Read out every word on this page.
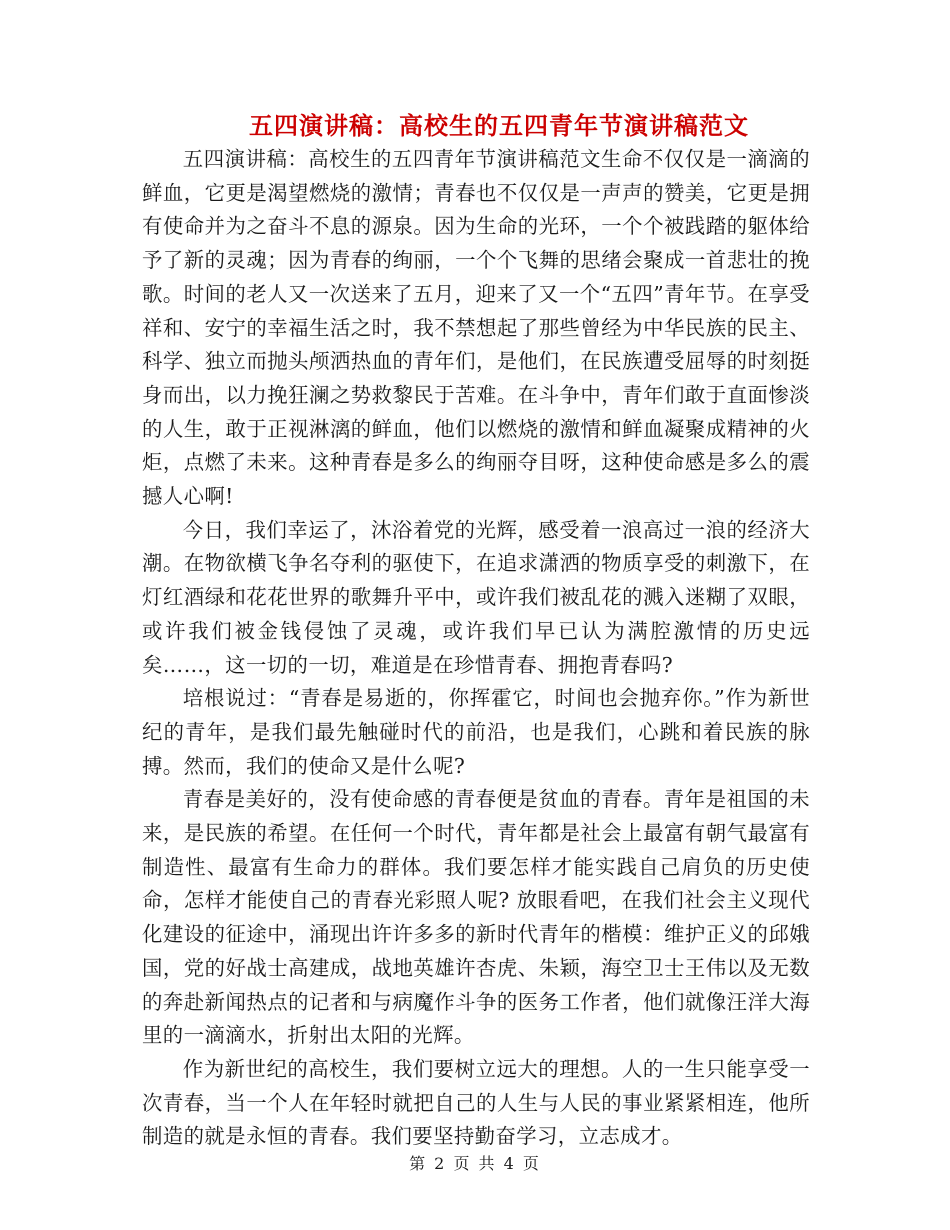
五四演讲稿：高校生的五四青年节演讲稿范文

五四演讲稿：高校生的五四青年节演讲稿范文生命不仅仅是一滴滴的鲜血，它更是渴望燃烧的激情；青春也不仅仅是一声声的赞美，它更是拥有使命并为之奋斗不息的源泉。因为生命的光环，一个个被践踏的躯体给予了新的灵魂；因为青春的绚丽，一个个飞舞的思绪会聚成一首悲壮的挽歌。时间的老人又一次送来了五月，迎来了又一个“五四”青年节。在享受祥和、安宁的幸福生活之时，我不禁想起了那些曾经为中华民族的民主、科学、独立而抛头颅洒热血的青年们，是他们，在民族遭受屈辱的时刻挺身而出，以力挽狂澜之势救黎民于苦难。在斗争中，青年们敢于直面惨淡的人生，敢于正视淋漓的鲜血，他们以燃烧的激情和鲜血凝聚成精神的火炬，点燃了未来。这种青春是多么的绚丽夺目呀，这种使命感是多么的震撼人心啊!

今日，我们幸运了，沐浴着党的光辉，感受着一浪高过一浪的经济大潮。在物欲横飞争名夺利的驱使下，在追求潇洒的物质享受的刺激下，在灯红酒绿和花花世界的歌舞升平中，或许我们被乱花的溅入迷糊了双眼，或许我们被金钱侵蚀了灵魂，或许我们早已认为满腔激情的历史远矣……，这一切的一切，难道是在珍惜青春、拥抱青春吗?

培根说过：“青春是易逝的，你挥霍它，时间也会抛弃你。”作为新世纪的青年，是我们最先触碰时代的前沿，也是我们，心跳和着民族的脉搏。然而，我们的使命又是什么呢?

青春是美好的，没有使命感的青春便是贫血的青春。青年是祖国的未来，是民族的希望。在任何一个时代，青年都是社会上最富有朝气最富有制造性、最富有生命力的群体。我们要怎样才能实践自己肩负的历史使命，怎样才能使自己的青春光彩照人呢? 放眼看吧，在我们社会主义现代化建设的征途中，涌现出许许多多的新时代青年的楷模：维护正义的邱娥国，党的好战士高建成，战地英雄许杏虎、朱颖，海空卫士王伟以及无数的奔赴新闻热点的记者和与病魔作斗争的医务工作者，他们就像汪洋大海里的一滴滴水，折射出太阳的光辉。

作为新世纪的高校生，我们要树立远大的理想。人的一生只能享受一次青春，当一个人在年轻时就把自己的人生与人民的事业紧紧相连，他所制造的就是永恒的青春。我们要坚持勤奋学习，立志成才。

第 2 页 共 4 页
